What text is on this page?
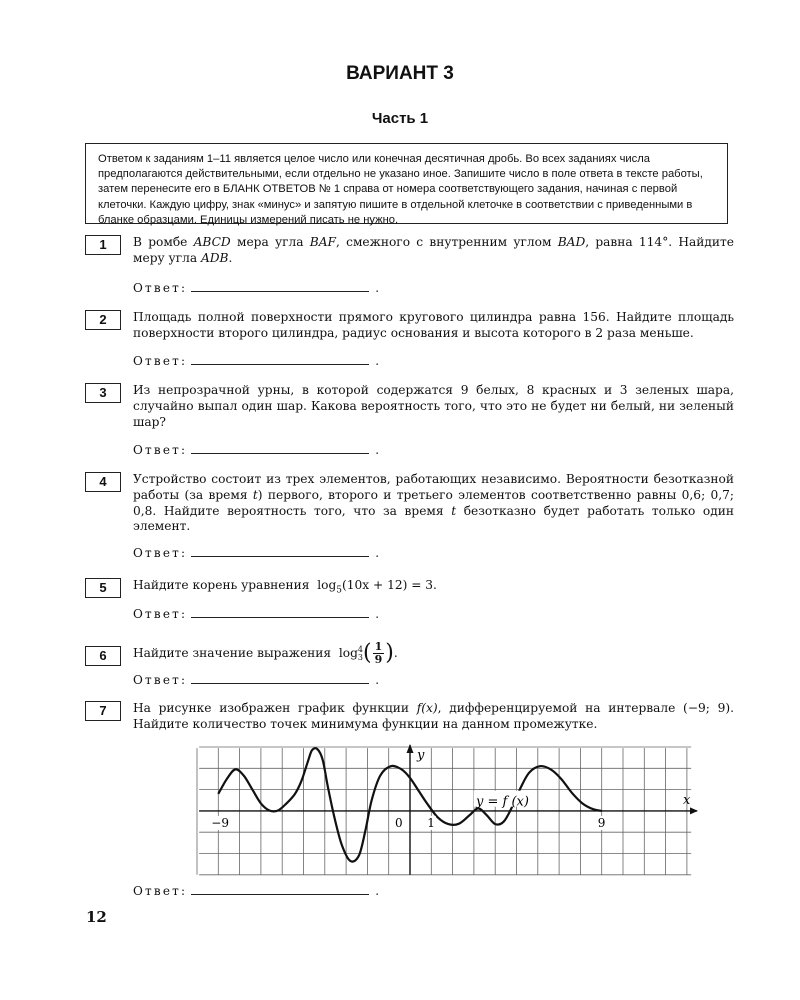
ВАРИАНТ 3
Часть 1
Ответом к заданиям 1–11 является целое число или конечная десятичная дробь. Во всех заданиях числа предполагаются действительными, если отдельно не указано иное. Запишите число в поле ответа в тексте работы, затем перенесите его в БЛАНК ОТВЕТОВ № 1 справа от номера соответствующего задания, начиная с первой клеточки. Каждую цифру, знак «минус» и запятую пишите в отдельной клеточке в соответствии с приведенными в бланке образцами. Единицы измерений писать не нужно.
1	В ромбе ABCD мера угла BAF, смежного с внутренним углом BAD, равна 114°. Найдите меру угла ADB.
Ответ:	.
2	Площадь полной поверхности прямого кругового цилиндра равна 156. Найдите площадь поверхности второго цилиндра, радиус основания и высота которого в 2 раза меньше.
Ответ:	.
3	Из непрозрачной урны, в которой содержатся 9 белых, 8 красных и 3 зеленых шара, случайно выпал один шар. Какова вероятность того, что это не будет ни белый, ни зеленый шар?
Ответ:	.
4	Устройство состоит из трех элементов, работающих независимо. Вероятности безотказной работы (за время t) первого, второго и третьего элементов соответственно равны 0,6; 0,7; 0,8. Найдите вероятность того, что за время t безотказно будет работать только один элемент.
Ответ:	.
5	Найдите корень уравнения $\log_5(10x + 12) = 3$.
Ответ:	.
6	Найдите значение выражения log 4
3 ( $\frac{1}{9}$ ).
Ответ:	.
7	На рисунке изображен график функции f(x), дифференцируемой на интервале (−9; 9). Найдите количество точек минимума функции на данном промежутке.
y = f (x)	x
y
−9	0 1	9
Ответ:	.
12
